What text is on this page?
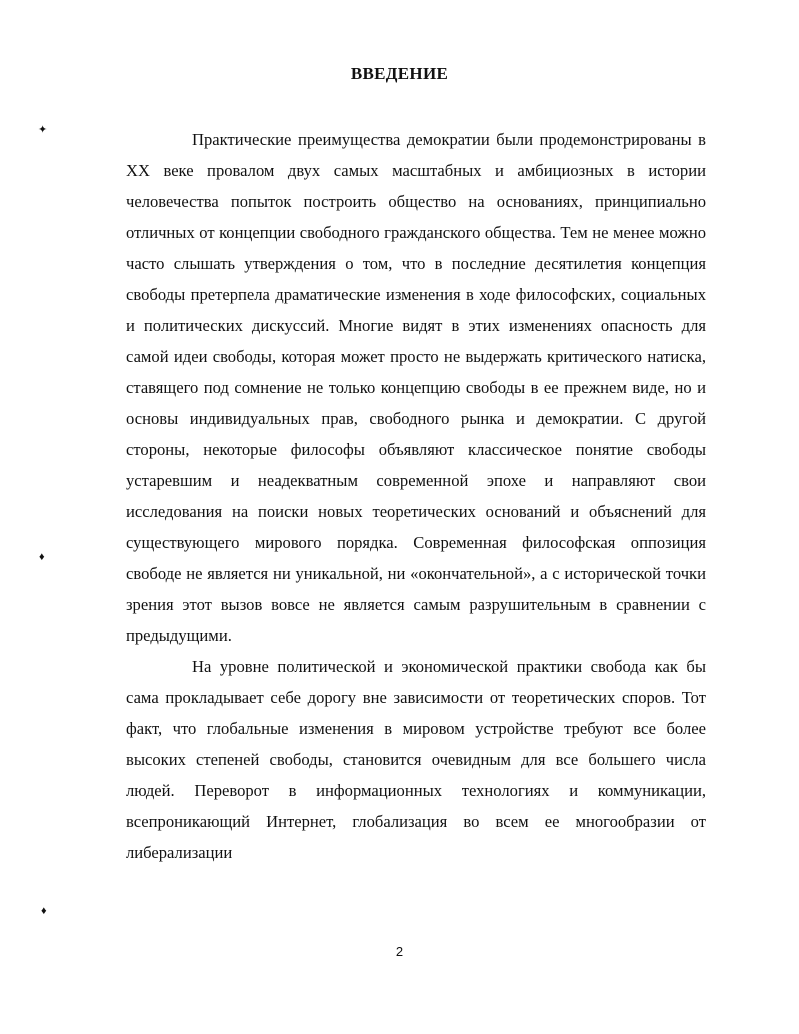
✦
♦
♦
ВВЕДЕНИЕ

Практические преимущества демократии были продемонстрированы в XX веке провалом двух самых масштабных и амбициозных в истории человечества попыток построить общество на основаниях, принципиально отличных от концепции свободного гражданского общества. Тем не менее можно часто слышать утверждения о том, что в последние десятилетия концепция свободы претерпела драматические изменения в ходе философских, социальных и политических дискуссий. Многие видят в этих изменениях опасность для самой идеи свободы, которая может просто не выдержать критического натиска, ставящего под сомнение не только концепцию свободы в ее прежнем виде, но и основы индивидуальных прав, свободного рынка и демократии. С другой стороны, некоторые философы объявляют классическое понятие свободы устаревшим и неадекватным современной эпохе и направляют свои исследования на поиски новых теоретических оснований и объяснений для существующего мирового порядка. Современная философская оппозиция свободе не является ни уникальной, ни «окончательной», а с исторической точки зрения этот вызов вовсе не является самым разрушительным в сравнении с предыдущими.

На уровне политической и экономической практики свобода как бы сама прокладывает себе дорогу вне зависимости от теоретических споров. Тот факт, что глобальные изменения в мировом устройстве требуют все более высоких степеней свободы, становится очевидным для все большего числа людей. Переворот в информационных технологиях и коммуникации, всепроникающий Интернет, глобализация во всем ее многообразии от либерализации

2
